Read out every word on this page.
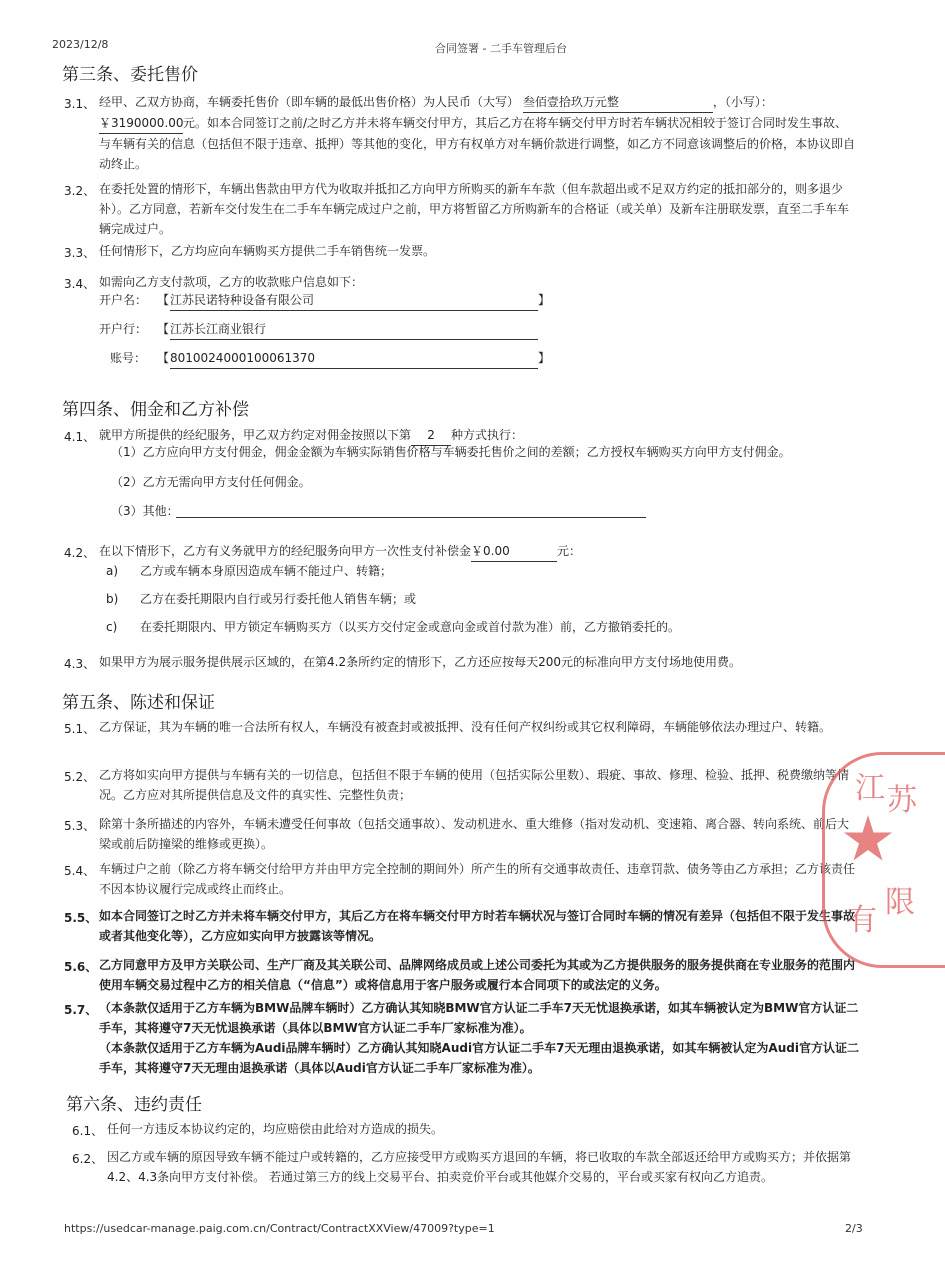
2023/12/8	合同签署 - 二手车管理后台
第三条、委托售价
3.1、 经甲、乙双方协商，车辆委托售价（即车辆的最低出售价格）为人民币（大写） 叁佰壹拾玖万元整	，（小写）：
￥3190000.00元。如本合同签订之前/之时乙方并未将车辆交付甲方，其后乙方在将车辆交付甲方时若车辆状况相较于签订合同时发生事故、与车辆有关的信息（包括但不限于违章、抵押）等其他的变化，甲方有权单方对车辆价款进行调整，如乙方不同意该调整后的价格，本协议即自动终止。
3.2、 在委托处置的情形下，车辆出售款由甲方代为收取并抵扣乙方向甲方所购买的新车车款（但车款超出或不足双方约定的抵扣部分的，则多退少补）。乙方同意，若新车交付发生在二手车车辆完成过户之前，甲方将暂留乙方所购新车的合格证（或关单）及新车注册联发票，直至二手车车辆完成过户。
3.3、 任何情形下，乙方均应向车辆购买方提供二手车销售统一发票。
3.4、 如需向乙方支付款项，乙方的收款账户信息如下：
开户名： 【 江苏民诺特种设备有限公司	】
开户行： 【 江苏长江商业银行
账号： 【 8010024000100061370	】
第四条、佣金和乙方补偿
4.1、 就甲方所提供的经纪服务，甲乙双方约定对佣金按照以下第 2 种方式执行：
（1）乙方应向甲方支付佣金，佣金金额为车辆实际销售价格与车辆委托售价之间的差额；乙方授权车辆购买方向甲方支付佣金。
（2）乙方无需向甲方支付任何佣金。
（3）其他：
4.2、 在以下情形下，乙方有义务就甲方的经纪服务向甲方一次性支付补偿金￥0.00	元：
a) 乙方或车辆本身原因造成车辆不能过户、转籍；
b) 乙方在委托期限内自行或另行委托他人销售车辆；或
c) 在委托期限内、甲方锁定车辆购买方（以买方交付定金或意向金或首付款为准）前，乙方撤销委托的。
4.3、 如果甲方为展示服务提供展示区域的，在第4.2条所约定的情形下，乙方还应按每天200元的标准向甲方支付场地使用费。
第五条、陈述和保证
5.1、 乙方保证，其为车辆的唯一合法所有权人，车辆没有被查封或被抵押、没有任何产权纠纷或其它权利障碍，车辆能够依法办理过户、转籍。
5.2、 乙方将如实向甲方提供与车辆有关的一切信息，包括但不限于车辆的使用（包括实际公里数）、瑕疵、事故、修理、检验、抵押、税费缴纳等情况。乙方应对其所提供信息及文件的真实性、完整性负责；
5.3、 除第十条所描述的内容外，车辆未遭受任何事故（包括交通事故）、发动机进水、重大维修（指对发动机、变速箱、离合器、转向系统、前后大梁或前后防撞梁的维修或更换）。
5.4、 车辆过户之前（除乙方将车辆交付给甲方并由甲方完全控制的期间外）所产生的所有交通事故责任、违章罚款、债务等由乙方承担；乙方该责任不因本协议履行完成或终止而终止。
5.5、 如本合同签订之时乙方并未将车辆交付甲方，其后乙方在将车辆交付甲方时若车辆状况与签订合同时车辆的情况有差异（包括但不限于发生事故或者其他变化等），乙方应如实向甲方披露该等情况。
5.6、 乙方同意甲方及甲方关联公司、生产厂商及其关联公司、品牌网络成员或上述公司委托为其或为乙方提供服务的服务提供商在专业服务的范围内使用车辆交易过程中乙方的相关信息（“信息”）或将信息用于客户服务或履行本合同项下的或法定的义务。
5.7、 （本条款仅适用于乙方车辆为BMW品牌车辆时）乙方确认其知晓BMW官方认证二手车7天无忧退换承诺，如其车辆被认定为BMW官方认证二手车，其将遵守7天无忧退换承诺（具体以BMW官方认证二手车厂家标准为准）。
（本条款仅适用于乙方车辆为Audi品牌车辆时）乙方确认其知晓Audi官方认证二手车7天无理由退换承诺，如其车辆被认定为Audi官方认证二手车，其将遵守7天无理由退换承诺（具体以Audi官方认证二手车厂家标准为准）。
第六条、违约责任
6.1、 任何一方违反本协议约定的，均应赔偿由此给对方造成的损失。
6.2、 因乙方或车辆的原因导致车辆不能过户或转籍的，乙方应接受甲方或购买方退回的车辆，将已收取的车款全部返还给甲方或购买方；并依据第4.2、4.3条向甲方支付补偿。 若通过第三方的线上交易平台、拍卖竞价平台或其他媒介交易的，平台或买家有权向乙方追责。
https://usedcar-manage.paig.com.cn/Contract/ContractXXView/47009?type=1	2/3
江 苏
有
限
